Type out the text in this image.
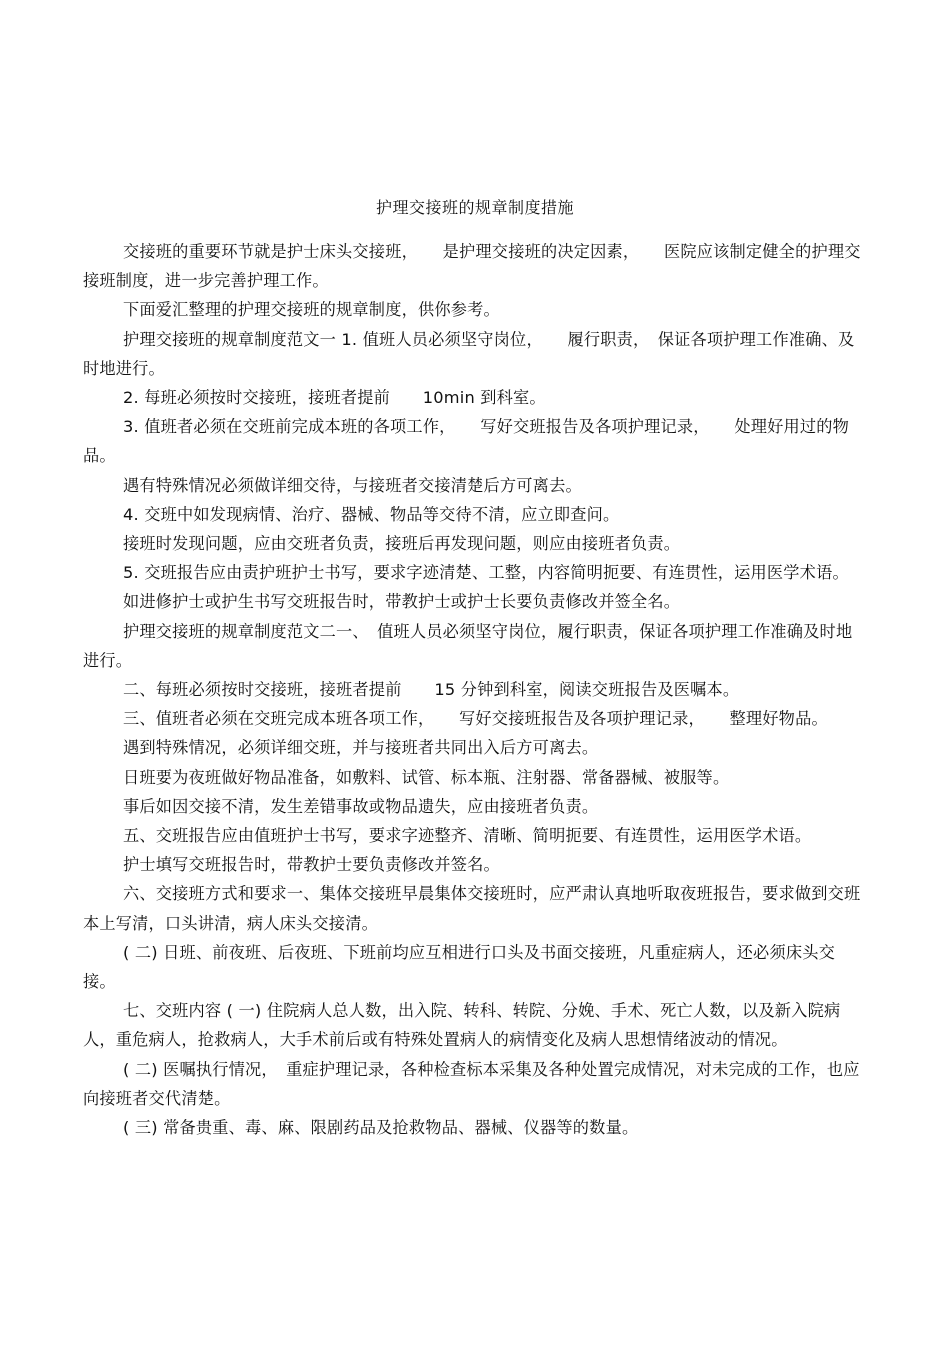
护理交接班的规章制度措施

交接班的重要环节就是护士床头交接班，　　是护理交接班的决定因素，　　医院应该制定健全的护理交接班制度，进一步完善护理工作。

下面爱汇整理的护理交接班的规章制度，供你参考。

护理交接班的规章制度范文一 1. 值班人员必须坚守岗位，　　履行职责，　保证各项护理工作准确、及时地进行。

2. 每班必须按时交接班，接班者提前　　10min 到科室。

3. 值班者必须在交班前完成本班的各项工作，　　写好交班报告及各项护理记录，　　处理好用过的物品。

遇有特殊情况必须做详细交待，与接班者交接清楚后方可离去。

4. 交班中如发现病情、治疗、器械、物品等交待不清，应立即查问。

接班时发现问题，应由交班者负责，接班后再发现问题，则应由接班者负责。

5. 交班报告应由责护班护士书写，要求字迹清楚、工整，内容简明扼要、有连贯性，运用医学术语。

如进修护士或护生书写交班报告时，带教护士或护士长要负责修改并签全名。

护理交接班的规章制度范文二一、　值班人员必须坚守岗位，履行职责，保证各项护理工作准确及时地进行。

二、每班必须按时交接班，接班者提前　　15 分钟到科室，阅读交班报告及医嘱本。

三、值班者必须在交班完成本班各项工作，　　写好交接班报告及各项护理记录，　　整理好物品。

遇到特殊情况，必须详细交班，并与接班者共同出入后方可离去。

日班要为夜班做好物品准备，如敷料、试管、标本瓶、注射器、常备器械、被服等。

事后如因交接不清，发生差错事故或物品遗失，应由接班者负责。

五、交班报告应由值班护士书写，要求字迹整齐、清晰、简明扼要、有连贯性，运用医学术语。

护士填写交班报告时，带教护士要负责修改并签名。

六、交接班方式和要求一、集体交接班早晨集体交接班时，应严肃认真地听取夜班报告，要求做到交班本上写清，口头讲清，病人床头交接清。

( 二) 日班、前夜班、后夜班、下班前均应互相进行口头及书面交接班，凡重症病人，还必须床头交接。

七、交班内容 ( 一) 住院病人总人数，出入院、转科、转院、分娩、手术、死亡人数，以及新入院病人，重危病人，抢救病人，大手术前后或有特殊处置病人的病情变化及病人思想情绪波动的情况。

( 二) 医嘱执行情况，　重症护理记录，各种检查标本采集及各种处置完成情况，对未完成的工作，也应向接班者交代清楚。

( 三) 常备贵重、毒、麻、限剧药品及抢救物品、器械、仪器等的数量。
